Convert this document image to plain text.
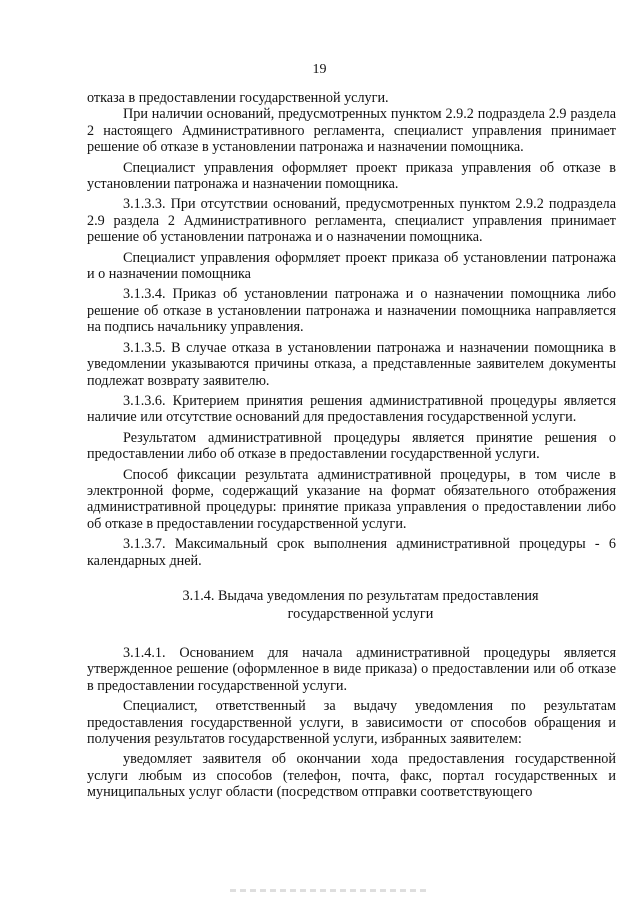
19

отказа в предоставлении государственной услуги.

При наличии оснований, предусмотренных пунктом 2.9.2 подраздела 2.9 раздела 2 настоящего Административного регламента, специалист управления принимает решение об отказе в установлении патронажа и назначении помощника.

Специалист управления оформляет проект приказа управления об отказе в установлении патронажа и назначении помощника.

3.1.3.3. При отсутствии оснований, предусмотренных пунктом 2.9.2 подраздела 2.9 раздела 2 Административного регламента, специалист управления принимает решение об установлении патронажа и о назначении помощника.

Специалист управления оформляет проект приказа об установлении патронажа и о назначении помощника

3.1.3.4. Приказ об установлении патронажа и о назначении помощника либо решение об отказе в установлении патронажа и назначении помощника направляется на подпись начальнику управления.

3.1.3.5. В случае отказа в установлении патронажа и назначении помощника в уведомлении указываются причины отказа, а представленные заявителем документы подлежат возврату заявителю.

3.1.3.6. Критерием принятия решения административной процедуры является наличие или отсутствие оснований для предоставления государственной услуги.

Результатом административной процедуры является принятие решения о предоставлении либо об отказе в предоставлении государственной услуги.

Способ фиксации результата административной процедуры, в том числе в электронной форме, содержащий указание на формат обязательного отображения административной процедуры: принятие приказа управления о предоставлении либо об отказе в предоставлении государственной услуги.

3.1.3.7. Максимальный срок выполнения административной процедуры - 6 календарных дней.

3.1.4. Выдача уведомления по результатам предоставления
государственной услуги

3.1.4.1. Основанием для начала административной процедуры является утвержденное решение (оформленное в виде приказа) о предоставлении или об отказе в предоставлении государственной услуги.

Специалист, ответственный за выдачу уведомления по результатам предоставления государственной услуги, в зависимости от способов обращения и получения результатов государственной услуги, избранных заявителем:

уведомляет заявителя об окончании хода предоставления государственной услуги любым из способов (телефон, почта, факс, портал государственных и муниципальных услуг области (посредством отправки соответствующего
